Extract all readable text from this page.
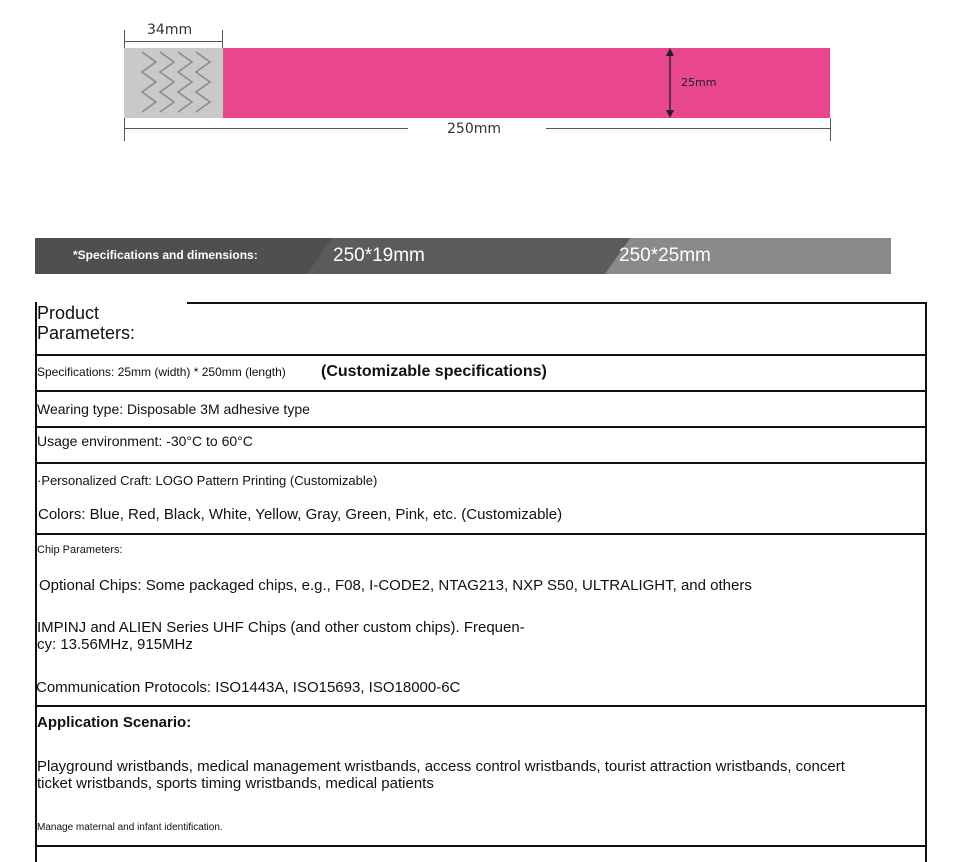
34mm
25mm
250mm
*Specifications and dimensions:	250*19mm	250*25mm
Product
Parameters:
Specifications: 25mm (width) * 250mm (length) (Customizable specifications)
Wearing type: Disposable 3M adhesive type
Usage environment: -30°C to 60°C
·Personalized Craft: LOGO Pattern Printing (Customizable)
Colors: Blue, Red, Black, White, Yellow, Gray, Green, Pink, etc. (Customizable)
Chip Parameters:
Optional Chips: Some packaged chips, e.g., F08, I-CODE2, NTAG213, NXP S50, ULTRALIGHT, and others
IMPINJ and ALIEN Series UHF Chips (and other custom chips). Frequen-
cy: 13.56MHz, 915MHz
Communication Protocols: ISO1443A, ISO15693, ISO18000-6C
Application Scenario:
Playground wristbands, medical management wristbands, access control wristbands, tourist attraction wristbands, concert
ticket wristbands, sports timing wristbands, medical patients
Manage maternal and infant identification.
